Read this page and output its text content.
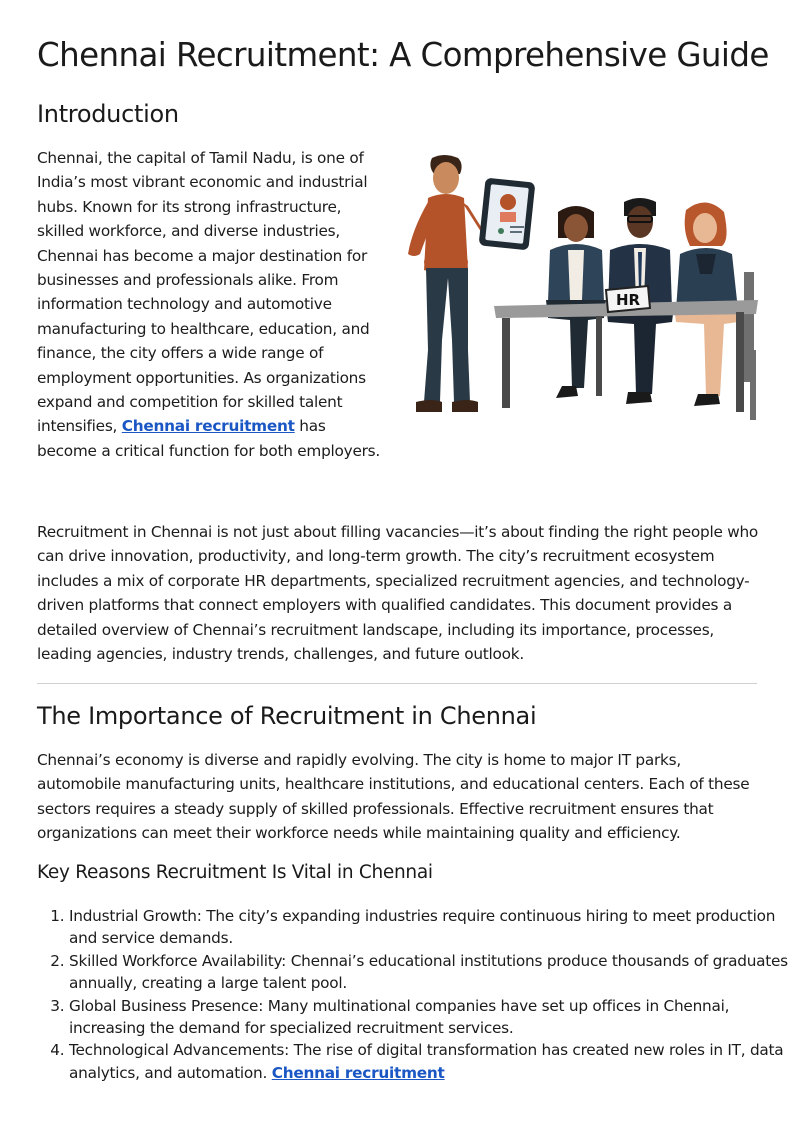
Chennai Recruitment: A Comprehensive Guide
Introduction

Chennai, the capital of Tamil Nadu, is one of India’s most vibrant economic and industrial hubs. Known for its strong infrastructure, skilled workforce, and diverse industries, Chennai has become a major destination for businesses and professionals alike. From information technology and automotive manufacturing to healthcare, education, and finance, the city offers a wide range of employment opportunities. As organizations expand and competition for skilled talent intensifies, Chennai recruitment has become a critical function for both employers.

HR

Recruitment in Chennai is not just about filling vacancies—it’s about finding the right people who can drive innovation, productivity, and long-term growth. The city’s recruitment ecosystem includes a mix of corporate HR departments, specialized recruitment agencies, and technology-driven platforms that connect employers with qualified candidates. This document provides a detailed overview of Chennai’s recruitment landscape, including its importance, processes, leading agencies, industry trends, challenges, and future outlook.

The Importance of Recruitment in Chennai

Chennai’s economy is diverse and rapidly evolving. The city is home to major IT parks, automobile manufacturing units, healthcare institutions, and educational centers. Each of these sectors requires a steady supply of skilled professionals. Effective recruitment ensures that organizations can meet their workforce needs while maintaining quality and efficiency.

Key Reasons Recruitment Is Vital in Chennai
1. Industrial Growth: The city’s expanding industries require continuous hiring to meet production and service demands.
2. Skilled Workforce Availability: Chennai’s educational institutions produce thousands of graduates annually, creating a large talent pool.
3. Global Business Presence: Many multinational companies have set up offices in Chennai, increasing the demand for specialized recruitment services.
4. Technological Advancements: The rise of digital transformation has created new roles in IT, data analytics, and automation. Chennai recruitment
